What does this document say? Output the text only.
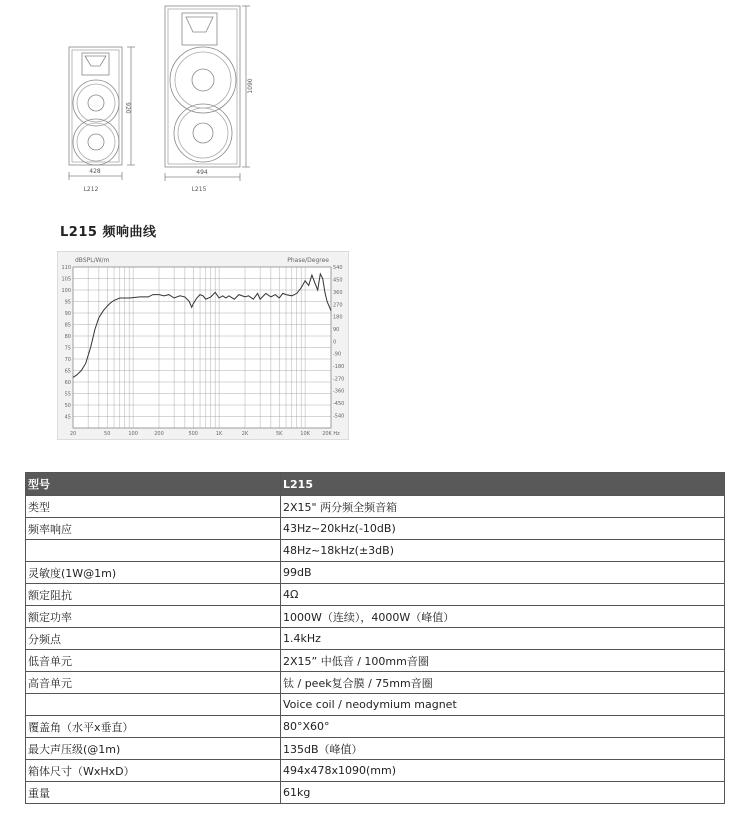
428
920
L212
494
1090
L215
L215 频响曲线
20	50	100	200	500	1K	2K	5K	10K 20K Hz
110
105
100
95
90
85
80
75
70
65
60
55
50
45
540
450
360
270
180
90
0
-90
-180
-270
-360
-450
-540
dBSPL/W/m	Phase/Degree
型号	L215
类型	2X15" 两分频全频音箱
频率响应	43Hz~20kHz(-10dB)
	48Hz~18kHz(±3dB)
灵敏度(1W@1m)	99dB
额定阻抗	4Ω
额定功率	1000W（连续），4000W（峰值）
分频点	1.4kHz
低音单元	2X15” 中低音 / 100mm音圈
高音单元	钛 / peek复合膜 / 75mm音圈
	Voice coil / neodymium magnet
覆盖角（水平x垂直）	80°X60°
最大声压级(@1m)	135dB（峰值）
箱体尺寸（WxHxD）	494x478x1090(mm)
重量	61kg
